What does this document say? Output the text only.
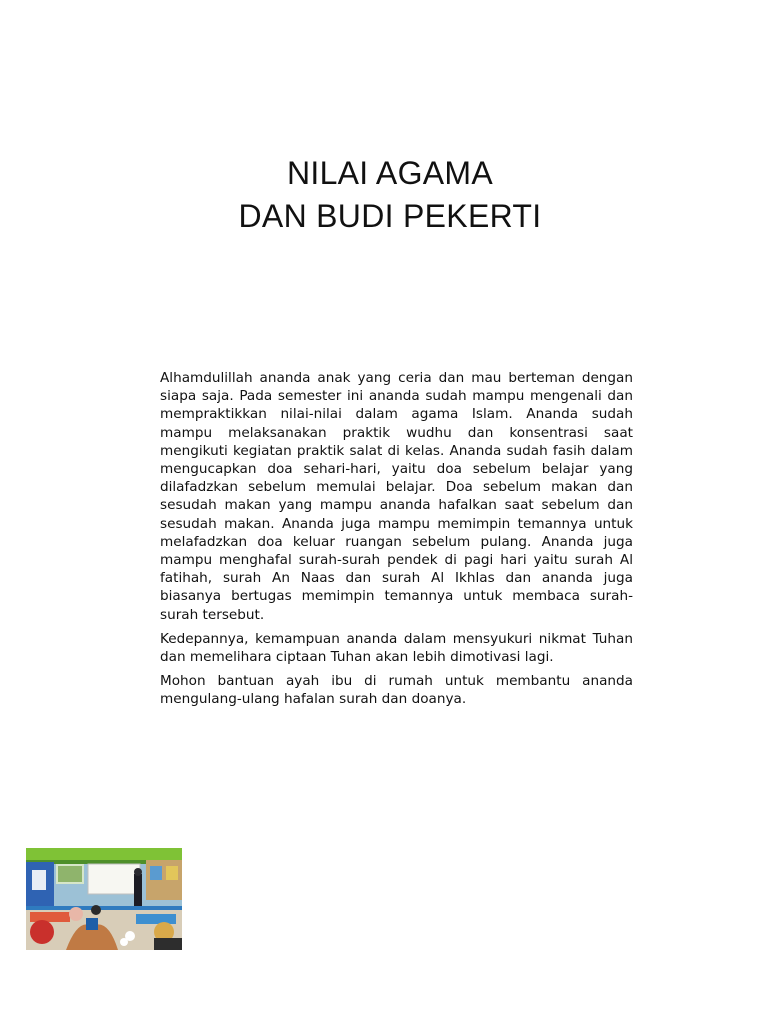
NILAI AGAMA
DAN BUDI PEKERTI

Alhamdulillah ananda anak yang ceria dan mau berteman dengan siapa saja. Pada semester ini ananda sudah mampu mengenali dan mempraktikkan nilai-nilai dalam agama Islam. Ananda sudah mampu melaksanakan praktik wudhu dan konsentrasi saat mengikuti kegiatan praktik salat di kelas. Ananda sudah fasih dalam mengucapkan doa sehari-hari, yaitu doa sebelum belajar yang dilafadzkan sebelum memulai belajar. Doa sebelum makan dan sesudah makan yang mampu ananda hafalkan saat sebelum dan sesudah makan. Ananda juga mampu memimpin temannya untuk melafadzkan doa keluar ruangan sebelum pulang. Ananda juga mampu menghafal surah-surah pendek di pagi hari yaitu surah Al fatihah, surah An Naas dan surah Al Ikhlas dan ananda juga biasanya bertugas memimpin temannya untuk membaca surah-surah tersebut.

Kedepannya, kemampuan ananda dalam mensyukuri nikmat Tuhan dan memelihara ciptaan Tuhan akan lebih dimotivasi lagi.

Mohon bantuan ayah ibu di rumah untuk membantu ananda mengulang-ulang hafalan surah dan doanya.
